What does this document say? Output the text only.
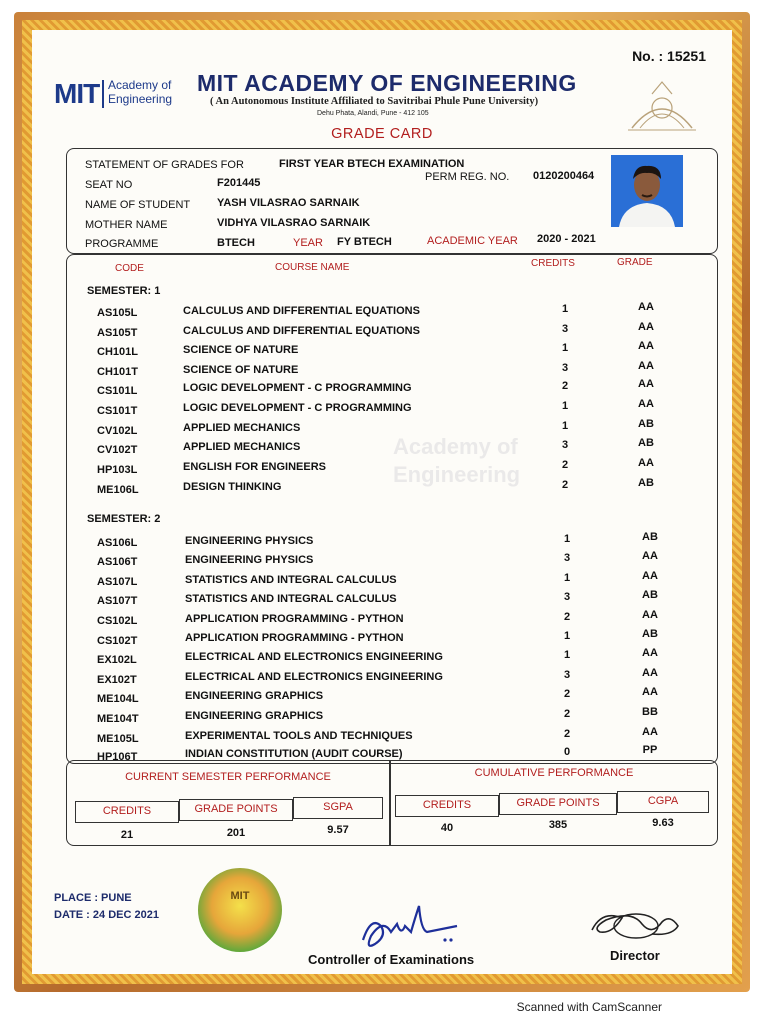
No. : 15251
MIT Academy of
Engineering
MIT ACADEMY OF ENGINEERING
( An Autonomous Institute Affiliated to Savitribai Phule Pune University)
Dehu Phata, Alandi, Pune - 412 105
GRADE CARD
STATEMENT OF GRADES FOR	FIRST YEAR BTECH EXAMINATION
SEAT NO	F201445	PERM REG. NO. 0120200464
NAME OF STUDENT YASH VILASRAO SARNAIK
MOTHER NAME	VIDHYA VILASRAO SARNAIK
PROGRAMME	BTECH	YEAR FY BTECH	ACADEMIC YEAR 2020 - 2021
CODE	COURSE NAME	CREDITS	GRADE
Academy of
Engineering
SEMESTER: 1
AS105L	CALCULUS AND DIFFERENTIAL EQUATIONS	1	AA
AS105T	CALCULUS AND DIFFERENTIAL EQUATIONS	3	AA
CH101L	SCIENCE OF NATURE	1	AA
CH101T	SCIENCE OF NATURE	3	AA
CS101L	LOGIC DEVELOPMENT - C PROGRAMMING	2	AA
CS101T	LOGIC DEVELOPMENT - C PROGRAMMING	1	AA
CV102L	APPLIED MECHANICS	1	AB
CV102T	APPLIED MECHANICS	3	AB
HP103L	ENGLISH FOR ENGINEERS	2	AA
ME106L	DESIGN THINKING	2	AB
SEMESTER: 2
AS106L	ENGINEERING PHYSICS	1	AB
AS106T	ENGINEERING PHYSICS	3	AA
AS107L	STATISTICS AND INTEGRAL CALCULUS	1	AA
AS107T	STATISTICS AND INTEGRAL CALCULUS	3	AB
CS102L	APPLICATION PROGRAMMING - PYTHON	2	AA
CS102T	APPLICATION PROGRAMMING - PYTHON	1	AB
EX102L	ELECTRICAL AND ELECTRONICS ENGINEERING	1	AA
EX102T	ELECTRICAL AND ELECTRONICS ENGINEERING	3	AA
ME104L	ENGINEERING GRAPHICS	2	AA
ME104T	ENGINEERING GRAPHICS	2	BB
ME105L	EXPERIMENTAL TOOLS AND TECHNIQUES	2	AA
HP106T	INDIAN CONSTITUTION (AUDIT COURSE)	0	PP
CURRENT SEMESTER PERFORMANCE	CUMULATIVE PERFORMANCE
CREDITS	GRADE POINTS	SGPA	CREDITS	GRADE POINTS	CGPA
21	201	9.57	40	385	9.63
PLACE : PUNE
DATE : 24 DEC 2021
MIT
Controller of Examinations	Director
Scanned with CamScanner
